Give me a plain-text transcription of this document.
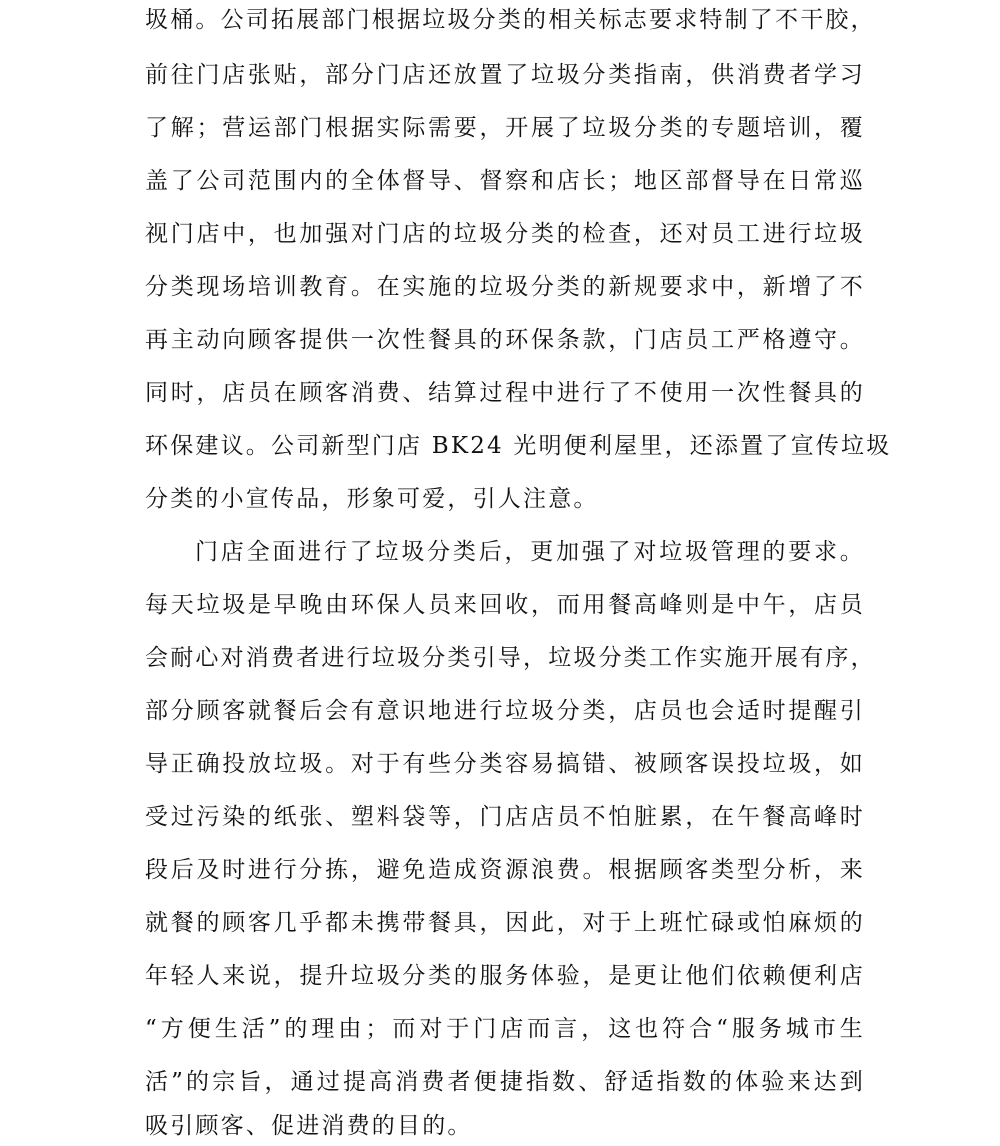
圾桶。公司拓展部门根据垃圾分类的相关标志要求特制了不干胶，
前往门店张贴，部分门店还放置了垃圾分类指南，供消费者学习
了解；营运部门根据实际需要，开展了垃圾分类的专题培训，覆
盖了公司范围内的全体督导、督察和店长；地区部督导在日常巡
视门店中，也加强对门店的垃圾分类的检查，还对员工进行垃圾
分类现场培训教育。在实施的垃圾分类的新规要求中，新增了不
再主动向顾客提供一次性餐具的环保条款，门店员工严格遵守。
同时，店员在顾客消费、结算过程中进行了不使用一次性餐具的
环保建议。公司新型门店 BK24 光明便利屋里，还添置了宣传垃圾
分类的小宣传品，形象可爱，引人注意。
门店全面进行了垃圾分类后，更加强了对垃圾管理的要求。
每天垃圾是早晚由环保人员来回收，而用餐高峰则是中午，店员
会耐心对消费者进行垃圾分类引导，垃圾分类工作实施开展有序，
部分顾客就餐后会有意识地进行垃圾分类，店员也会适时提醒引
导正确投放垃圾。对于有些分类容易搞错、被顾客误投垃圾，如
受过污染的纸张、塑料袋等，门店店员不怕脏累，在午餐高峰时
段后及时进行分拣，避免造成资源浪费。根据顾客类型分析，来
就餐的顾客几乎都未携带餐具，因此，对于上班忙碌或怕麻烦的
年轻人来说，提升垃圾分类的服务体验，是更让他们依赖便利店
“方便生活”的理由；而对于门店而言，这也符合“服务城市生
活”的宗旨，通过提高消费者便捷指数、舒适指数的体验来达到
吸引顾客、促进消费的目的。
